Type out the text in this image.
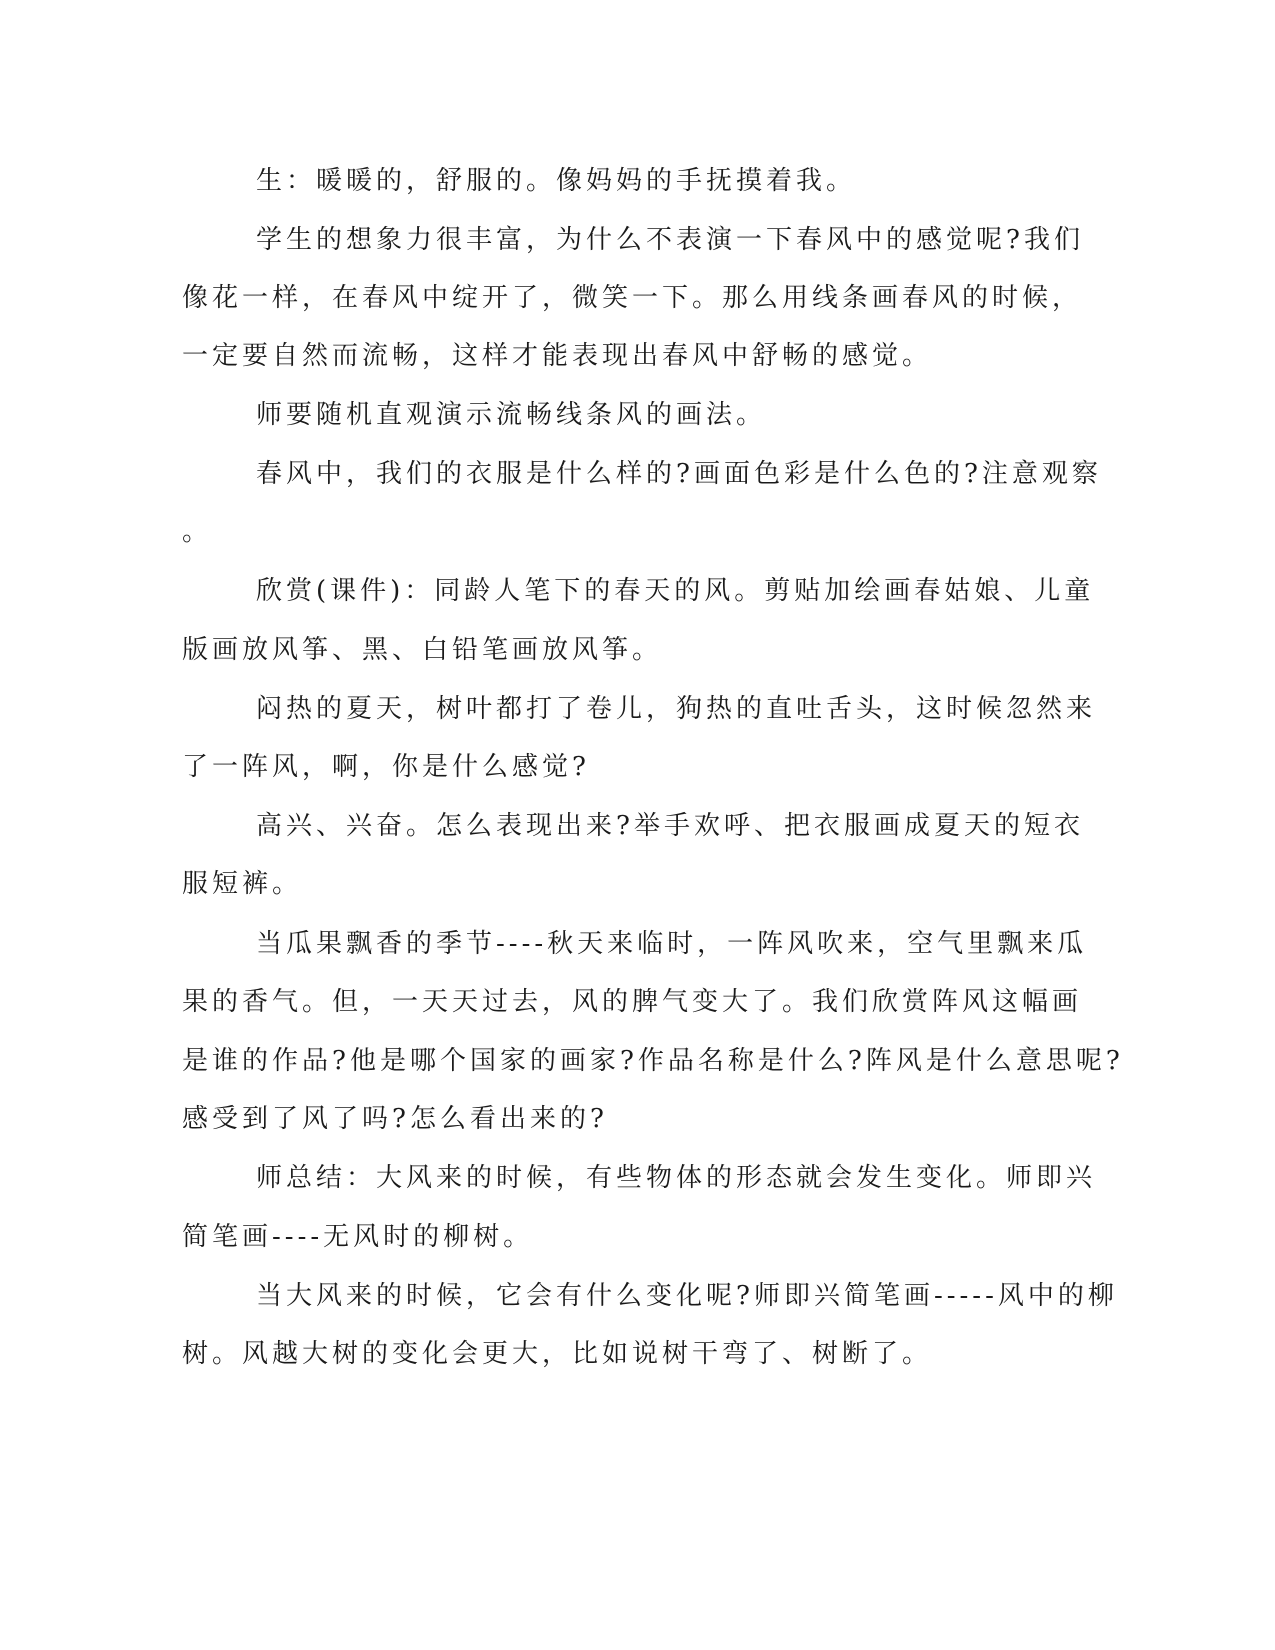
生：暖暖的，舒服的。像妈妈的手抚摸着我。
学生的想象力很丰富，为什么不表演一下春风中的感觉呢?我们
像花一样，在春风中绽开了，微笑一下。那么用线条画春风的时候，
一定要自然而流畅，这样才能表现出春风中舒畅的感觉。
师要随机直观演示流畅线条风的画法。
春风中，我们的衣服是什么样的?画面色彩是什么色的?注意观察
。
欣赏(课件)：同龄人笔下的春天的风。剪贴加绘画春姑娘、儿童
版画放风筝、黑、白铅笔画放风筝。
闷热的夏天，树叶都打了卷儿，狗热的直吐舌头，这时候忽然来
了一阵风，啊，你是什么感觉?
高兴、兴奋。怎么表现出来?举手欢呼、把衣服画成夏天的短衣
服短裤。
当瓜果飘香的季节----秋天来临时，一阵风吹来，空气里飘来瓜
果的香气。但，一天天过去，风的脾气变大了。我们欣赏阵风这幅画
是谁的作品?他是哪个国家的画家?作品名称是什么?阵风是什么意思呢?
感受到了风了吗?怎么看出来的?
师总结：大风来的时候，有些物体的形态就会发生变化。师即兴
简笔画----无风时的柳树。
当大风来的时候，它会有什么变化呢?师即兴简笔画-----风中的柳
树。风越大树的变化会更大，比如说树干弯了、树断了。
